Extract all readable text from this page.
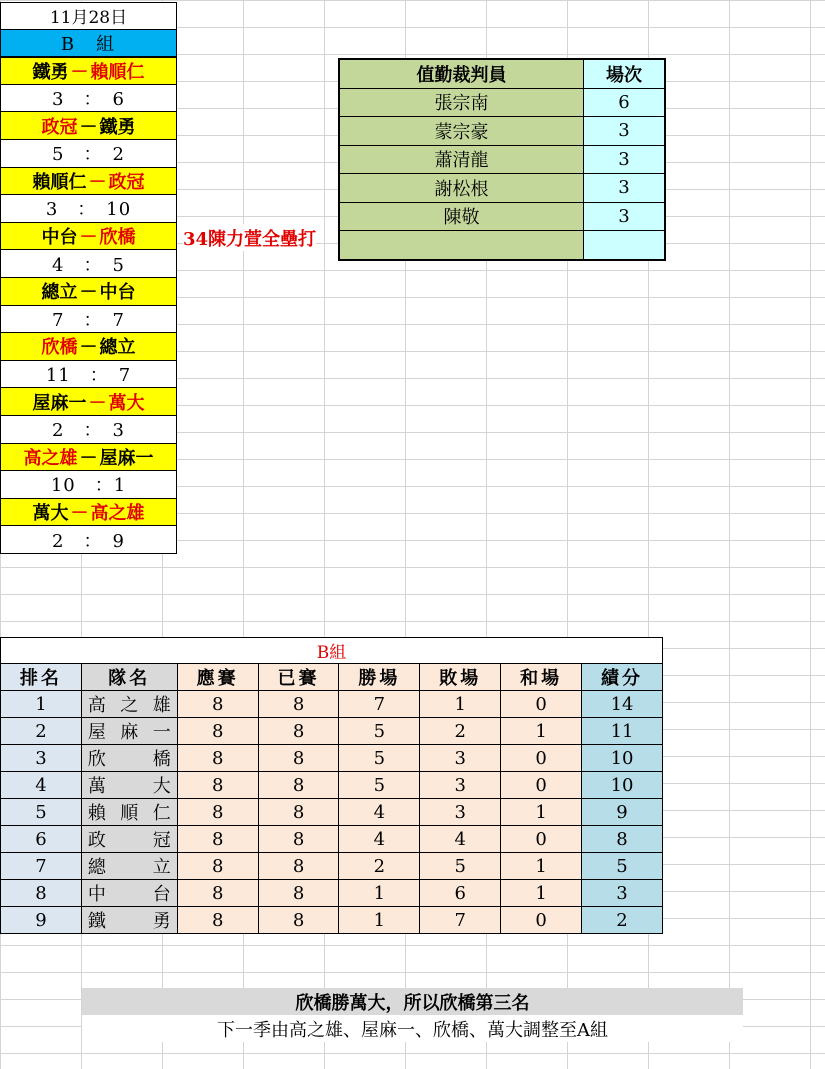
11月28日
B　組
鐵勇 － 賴順仁
3　：　6
政冠 － 鐵勇
5　：　2
賴順仁 － 政冠
3　：　10
中台 － 欣橋
4　：　5
總立 － 中台
7　：　7
欣橋 － 總立
11　：　7
屋麻一 － 萬大
2　：　3
高之雄 － 屋麻一
10　：1
萬大 － 高之雄
2　：　9
34陳力萱全壘打
值勤裁判員	場次
張宗南	6
蒙宗豪	3
蕭清龍	3
謝松根	3
陳敬	3

B組							
排名	隊名	應賽	已賽	勝場	敗場	和場	績分
1	高之雄	8	8	7	1	0	14
2	屋麻一	8	8	5	2	1	11
3	欣　橋	8	8	5	3	0	10
4	萬　大	8	8	5	3	0	10
5	賴順仁	8	8	4	3	1	9
6	政　冠	8	8	4	4	0	8
7	總　立	8	8	2	5	1	5
8	中　台	8	8	1	6	1	3
9	鐵　勇	8	8	1	7	0	2
欣橋勝萬大，所以欣橋第三名
下一季由高之雄、屋麻一、欣橋、萬大調整至A組
